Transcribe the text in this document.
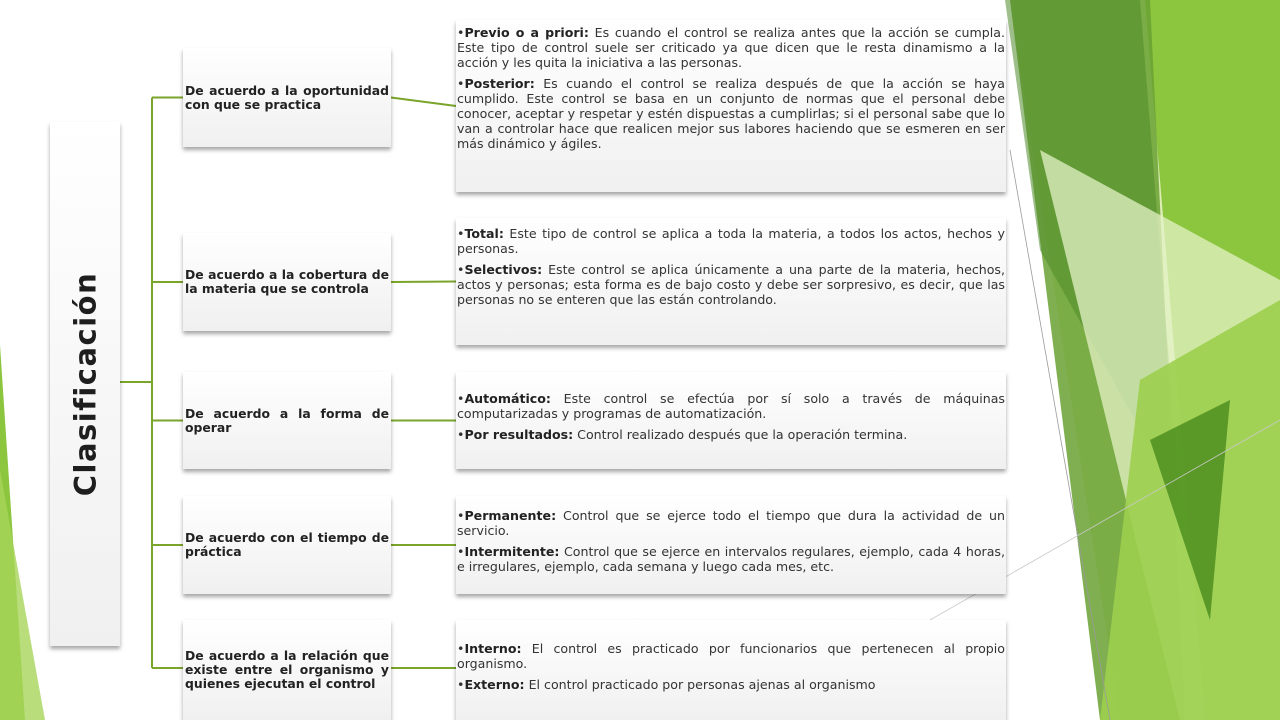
Clasificación
De acuerdo a la oportunidad con que se practica
De acuerdo a la cobertura de la materia que se controla
De acuerdo a la forma de operar
De acuerdo con el tiempo de práctica
De acuerdo a la relación que existe entre el organismo y quienes ejecutan el control
•Previo o a priori: Es cuando el control se realiza antes que la acción se cumpla. Este tipo de control suele ser criticado ya que dicen que le resta dinamismo a la acción y les quita la iniciativa a las personas.
•Posterior: Es cuando el control se realiza después de que la acción se haya cumplido. Este control se basa en un conjunto de normas que el personal debe conocer, aceptar y respetar y estén dispuestas a cumplirlas; si el personal sabe que lo van a controlar hace que realicen mejor sus labores haciendo que se esmeren en ser más dinámico y ágiles.
•Total: Este tipo de control se aplica a toda la materia, a todos los actos, hechos y personas.
•Selectivos: Este control se aplica únicamente a una parte de la materia, hechos, actos y personas; esta forma es de bajo costo y debe ser sorpresivo, es decir, que las personas no se enteren que las están controlando.
•Automático: Este control se efectúa por sí solo a través de máquinas computarizadas y programas de automatización.
•Por resultados: Control realizado después que la operación termina.
•Permanente: Control que se ejerce todo el tiempo que dura la actividad de un servicio.
•Intermitente: Control que se ejerce en intervalos regulares, ejemplo, cada 4 horas, e irregulares, ejemplo, cada semana y luego cada mes, etc.
•Interno: El control es practicado por funcionarios que pertenecen al propio organismo.
•Externo: El control practicado por personas ajenas al organismo
